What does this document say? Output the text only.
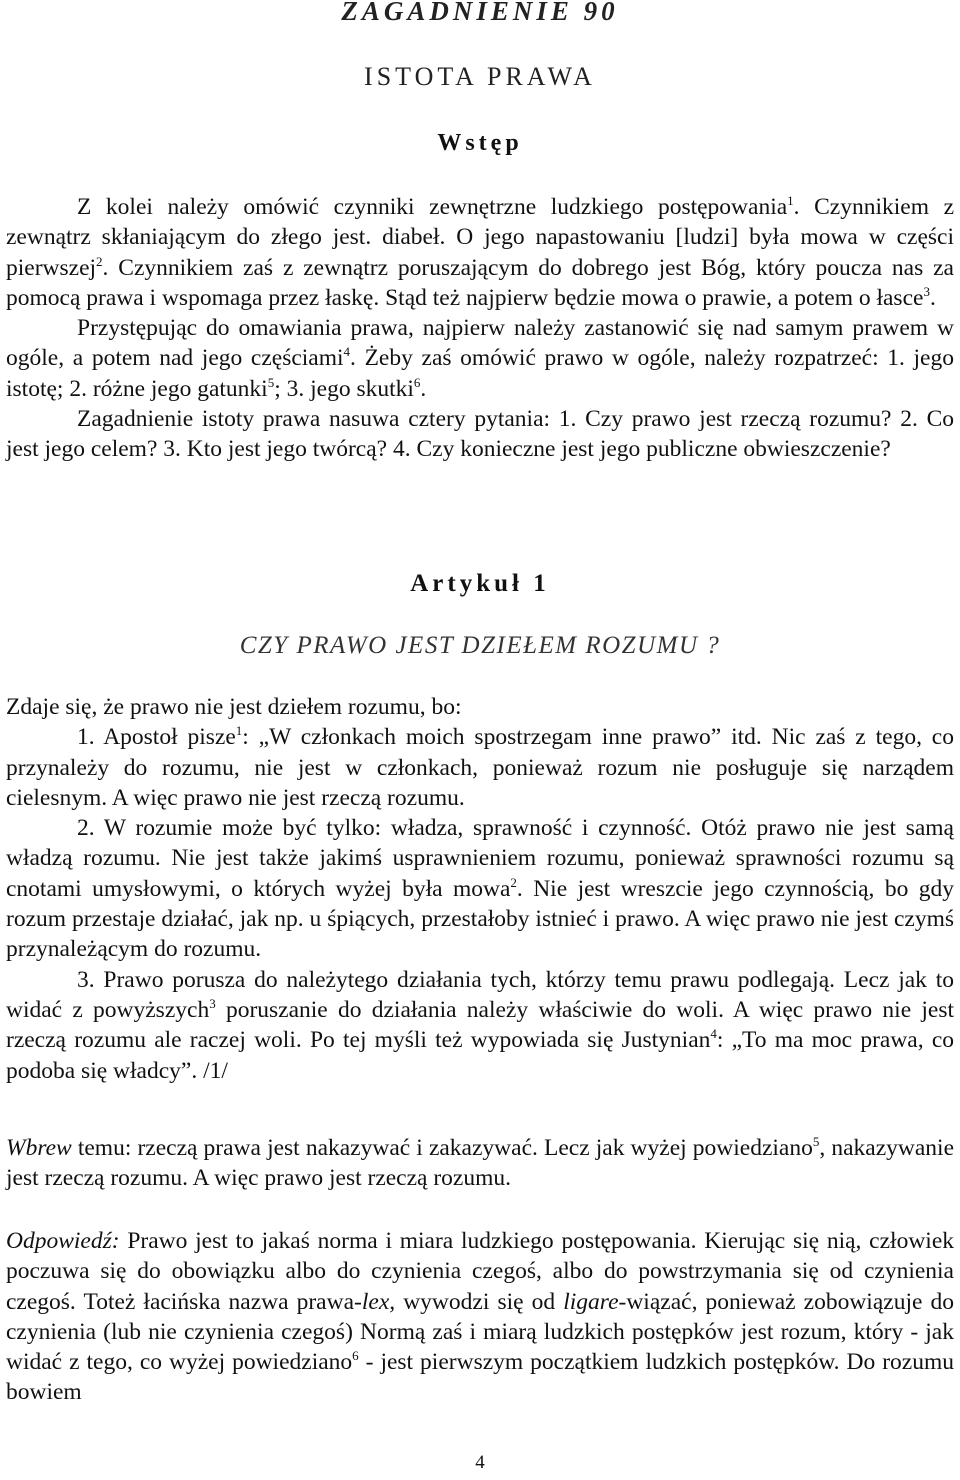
ZAGADNIENIE 90
ISTOTA PRAWA
Wstęp

Z kolei należy omówić czynniki zewnętrzne ludzkiego postępowania$^1$. Czynnikiem z zewnątrz skłaniającym do złego jest. diabeł. O jego napastowaniu [ludzi] była mowa w części pierwszej$^2$. Czynnikiem zaś z zewnątrz poruszającym do dobrego jest Bóg, który poucza nas za pomocą prawa i wspomaga przez łaskę. Stąd też najpierw będzie mowa o prawie, a potem o łasce$^3$.

Przystępując do omawiania prawa, najpierw należy zastanowić się nad samym prawem w ogóle, a potem nad jego częściami$^4$. Żeby zaś omówić prawo w ogóle, należy rozpatrzeć: 1. jego istotę; 2. różne jego gatunki$^5$; 3. jego skutki$^6$.

Zagadnienie istoty prawa nasuwa cztery pytania: 1. Czy prawo jest rzeczą rozumu? 2. Co jest jego celem? 3. Kto jest jego twórcą? 4. Czy konieczne jest jego publiczne obwieszczenie?

Artykuł 1
CZY PRAWO JEST DZIEŁEM ROZUMU ?

Zdaje się, że prawo nie jest dziełem rozumu, bo:

1. Apostoł pisze$^1$: „W członkach moich spostrzegam inne prawo” itd. Nic zaś z tego, co przynależy do rozumu, nie jest w członkach, ponieważ rozum nie posługuje się narządem cielesnym. A więc prawo nie jest rzeczą rozumu.

2. W rozumie może być tylko: władza, sprawność i czynność. Otóż prawo nie jest samą władzą rozumu. Nie jest także jakimś usprawnieniem rozumu, ponieważ sprawności rozumu są cnotami umysłowymi, o których wyżej była mowa$^2$. Nie jest wreszcie jego czynnością, bo gdy rozum przestaje działać, jak np. u śpiących, przestałoby istnieć i prawo. A więc prawo nie jest czymś przynależącym do rozumu.

3. Prawo porusza do należytego działania tych, którzy temu prawu podlegają. Lecz jak to widać z powyższych$^3$ poruszanie do działania należy właściwie do woli. A więc prawo nie jest rzeczą rozumu ale raczej woli. Po tej myśli też wypowiada się Justynian$^4$: „To ma moc prawa, co podoba się władcy”. /1/

Wbrew temu: rzeczą prawa jest nakazywać i zakazywać. Lecz jak wyżej powiedziano$^5$, nakazywanie jest rzeczą rozumu. A więc prawo jest rzeczą rozumu.

Odpowiedź: Prawo jest to jakaś norma i miara ludzkiego postępowania. Kierując się nią, człowiek poczuwa się do obowiązku albo do czynienia czegoś, albo do powstrzymania się od czynienia czegoś. Toteż łacińska nazwa prawa-lex, wywodzi się od ligare-wiązać, ponieważ zobowiązuje do czynienia (lub nie czynienia czegoś) Normą zaś i miarą ludzkich postępków jest rozum, który - jak widać z tego, co wyżej powiedziano$^6$ - jest pierwszym początkiem ludzkich postępków. Do rozumu bowiem

4
